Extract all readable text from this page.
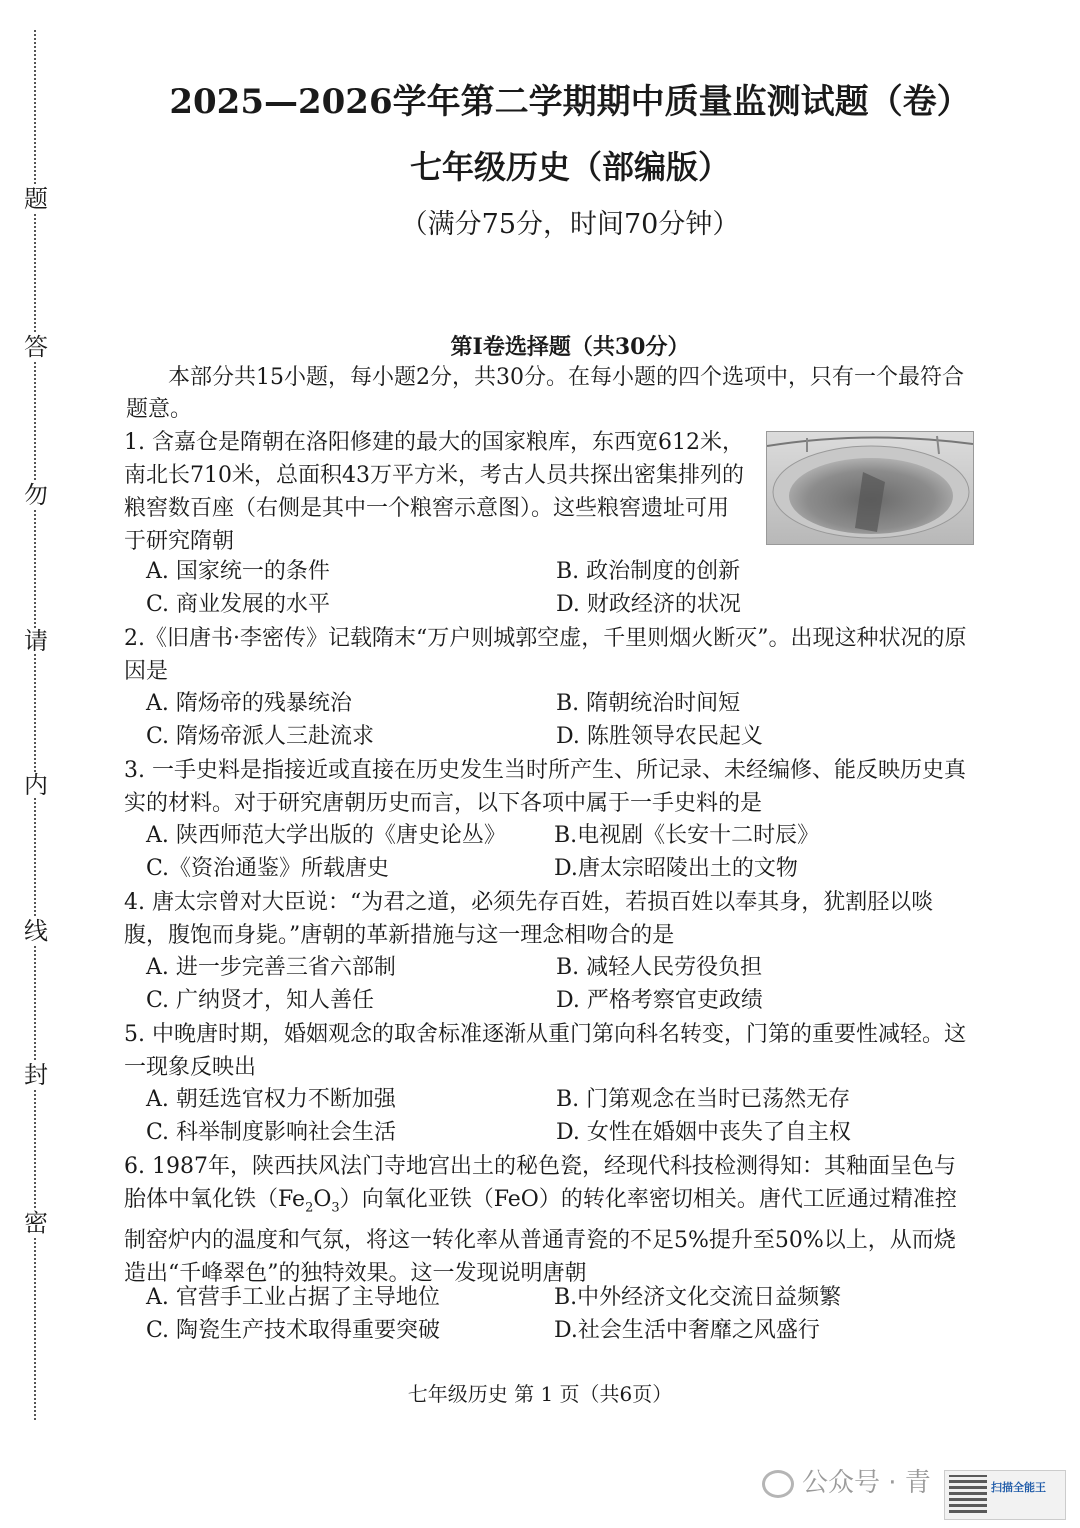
题
答
勿
请
内
线
封
密
2025—2026学年第二学期期中质量监测试题（卷）
七年级历史（部编版）
（满分75分，时间70分钟）
第Ⅰ卷选择题（共30分）
本部分共15小题，每小题2分，共30分。在每小题的四个选项中，只有一个最符合题意。
1. 含嘉仓是隋朝在洛阳修建的最大的国家粮库，东西宽612米，南北长710米，总面积43万平方米，考古人员共探出密集排列的粮窖数百座（右侧是其中一个粮窖示意图）。这些粮窖遗址可用于研究隋朝
A. 国家统一的条件	B. 政治制度的创新
C. 商业发展的水平	D. 财政经济的状况
2.《旧唐书·李密传》记载隋末“万户则城郭空虚，千里则烟火断灭”。出现这种状况的原因是
A. 隋炀帝的残暴统治	B. 隋朝统治时间短
C. 隋炀帝派人三赴流求	D. 陈胜领导农民起义
3. 一手史料是指接近或直接在历史发生当时所产生、所记录、未经编修、能反映历史真实的材料。对于研究唐朝历史而言，以下各项中属于一手史料的是
A. 陕西师范大学出版的《唐史论丛》 B.电视剧《长安十二时辰》
C.《资治通鉴》所载唐史	D.唐太宗昭陵出土的文物
4. 唐太宗曾对大臣说：“为君之道，必须先存百姓，若损百姓以奉其身，犹割胫以啖腹，腹饱而身毙。”唐朝的革新措施与这一理念相吻合的是
A. 进一步完善三省六部制	B. 减轻人民劳役负担
C. 广纳贤才，知人善任	D. 严格考察官吏政绩
5. 中晚唐时期，婚姻观念的取舍标准逐渐从重门第向科名转变，门第的重要性减轻。这一现象反映出
A. 朝廷选官权力不断加强	B. 门第观念在当时已荡然无存
C. 科举制度影响社会生活	D. 女性在婚姻中丧失了自主权
6. 1987年，陕西扶风法门寺地宫出土的秘色瓷，经现代科技检测得知：其釉面呈色与胎体中氧化铁$(Fe_2O_3)$向氧化亚铁（FeO）的转化率密切相关。唐代工匠通过精准控制窑炉内的温度和气氛，将这一转化率从普通青瓷的不足5%提升至50%以上，从而烧造出“千峰翠色”的独特效果。这一发现说明唐朝
A. 官营手工业占据了主导地位	B.中外经济文化交流日益频繁
C. 陶瓷生产技术取得重要突破	D.社会生活中奢靡之风盛行
七年级历史 第 1 页（共6页）
公众号 · 青	扫描全能王
